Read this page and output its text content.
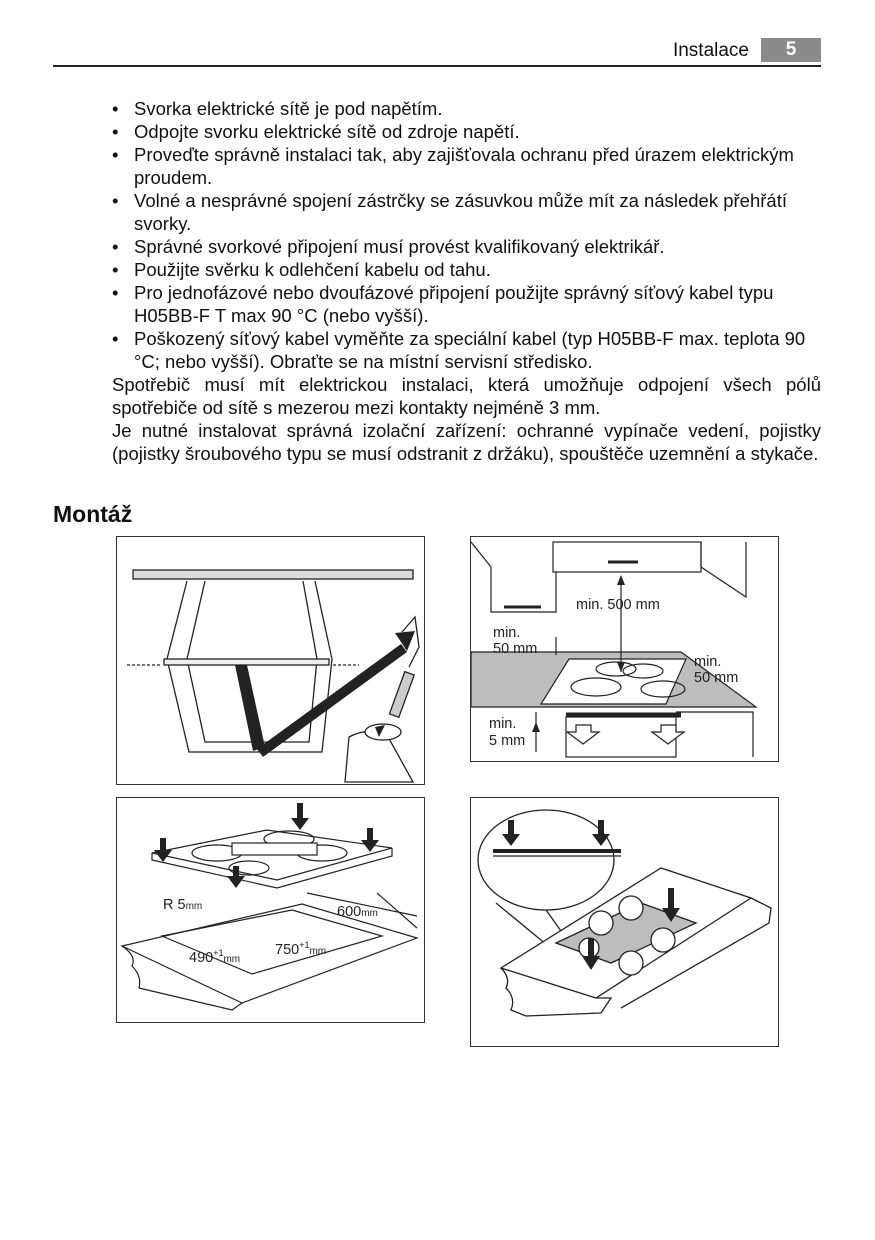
Instalace	5
• Svorka elektrické sítě je pod napětím.
• Odpojte svorku elektrické sítě od zdroje napětí.
• Proveďte správně instalaci tak, aby zajišťovala ochranu před úrazem elektrickým proudem.
• Volné a nesprávné spojení zástrčky se zásuvkou může mít za následek přehřátí svorky.
• Správné svorkové připojení musí provést kvalifikovaný elektrikář.
• Použijte svěrku k odlehčení kabelu od tahu.
• Pro jednofázové nebo dvoufázové připojení použijte správný síťový kabel typu H05BB-F T max 90 °C (nebo vyšší).
• Poškozený síťový kabel vyměňte za speciální kabel (typ H05BB-F max. teplota 90 °C; nebo vyšší). Obraťte se na místní servisní středisko.

Spotřebič musí mít elektrickou instalaci, která umožňuje odpojení všech pólů spotřebiče od sítě s mezerou mezi kontakty nejméně 3 mm.

Je nutné instalovat správná izolační zařízení: ochranné vypínače vedení, pojistky (pojistky šroubového typu se musí odstranit z držáku), spouštěče uzemnění a stykače.

Montáž
min. 500 mm
min.
50 mm
min.
50 mm
min.
5 mm
R 5mm	600mm
$490^{+1}mm$
$750^{+1}mm$
